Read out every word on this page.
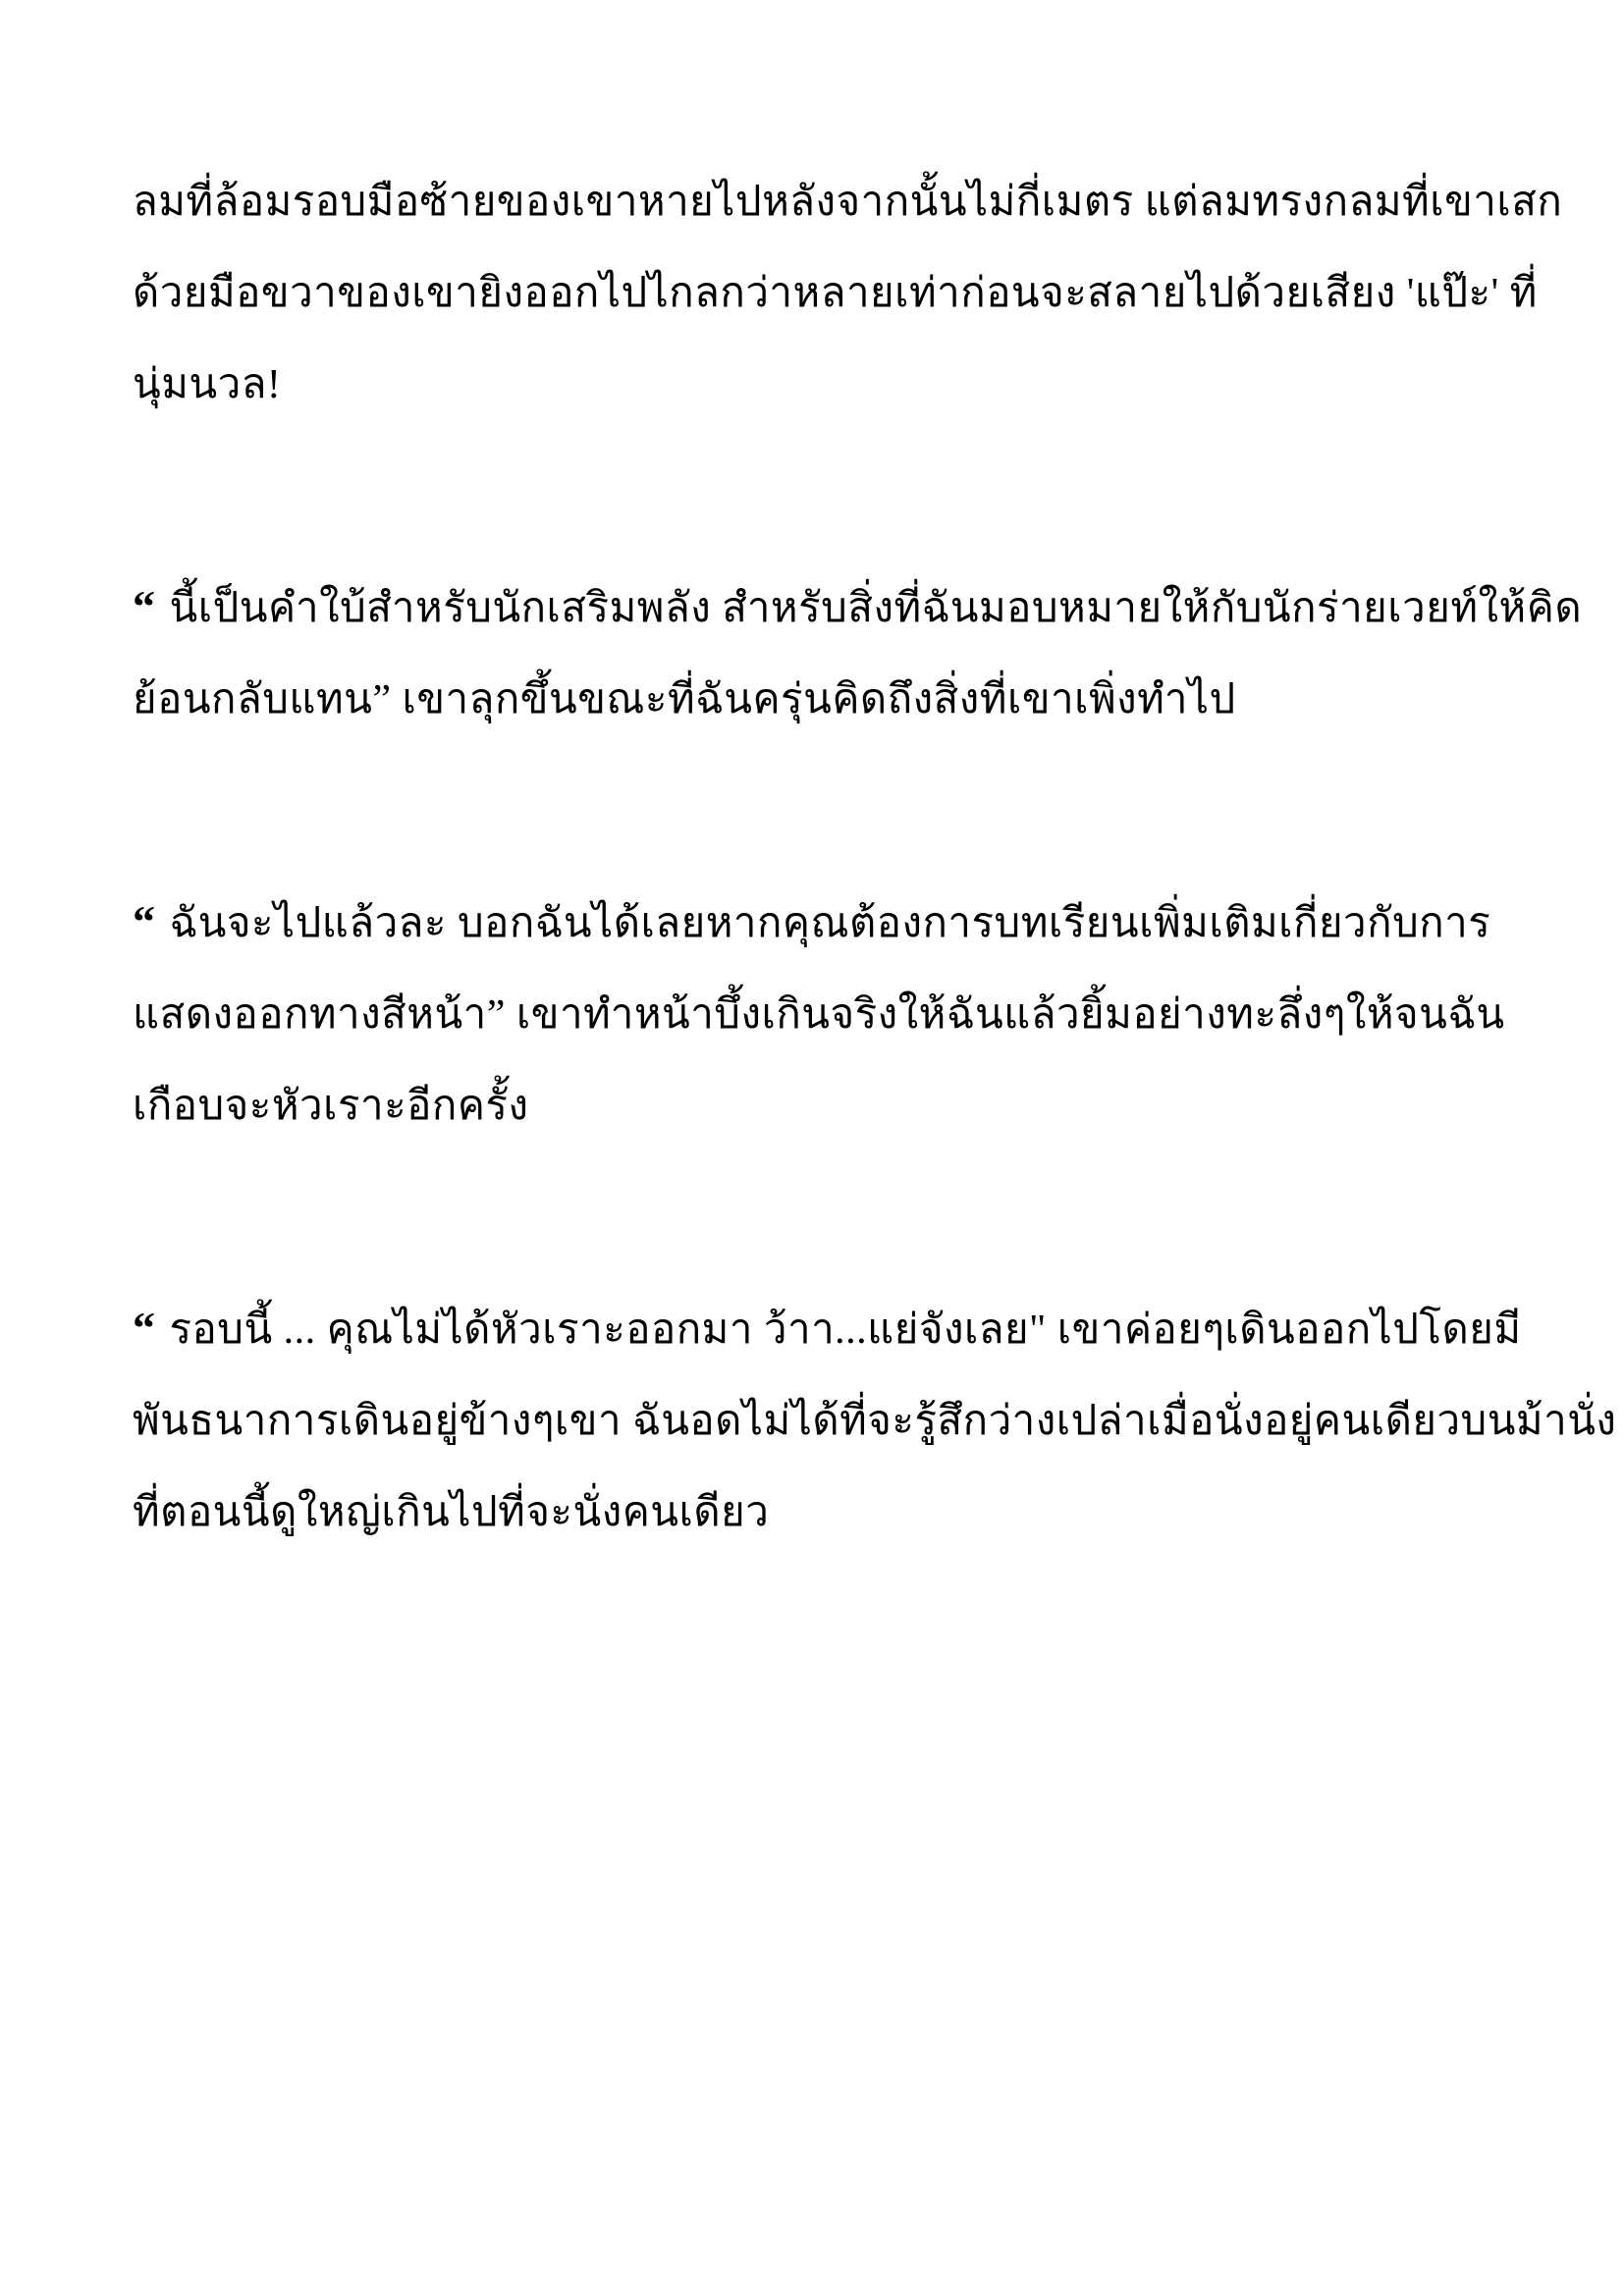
ลมที่ล้อมรอบมือซ้ายของเขาหายไปหลังจากนั้นไม่กี่เมตร แต่ลมทรงกลมที่เขาเสก
ด้วยมือขวาของเขายิงออกไปไกลกว่าหลายเท่าก่อนจะสลายไปด้วยเสียง 'แป๊ะ' ที่
นุ่มนวล!
“ นี้เป็นคำใบ้สำหรับนักเสริมพลัง สำหรับสิ่งที่ฉันมอบหมายให้กับนักร่ายเวยท์ให้คิด
ย้อนกลับแทน” เขาลุกขึ้นขณะที่ฉันครุ่นคิดถึงสิ่งที่เขาเพิ่งทำไป
“ ฉันจะไปแล้วละ บอกฉันได้เลยหากคุณต้องการบทเรียนเพิ่มเติมเกี่ยวกับการ
แสดงออกทางสีหน้า” เขาทำหน้าบึ้งเกินจริงให้ฉันแล้วยิ้มอย่างทะลึ่งๆให้จนฉัน
เกือบจะหัวเราะอีกครั้ง
“ รอบนี้ ... คุณไม่ได้หัวเราะออกมา ว้าา...แย่จังเลย" เขาค่อยๆเดินออกไปโดยมี
พันธนาการเดินอยู่ข้างๆเขา ฉันอดไม่ได้ที่จะรู้สึกว่างเปล่าเมื่อนั่งอยู่คนเดียวบนม้านั่ง
ที่ตอนนี้ดูใหญ่เกินไปที่จะนั่งคนเดียว
